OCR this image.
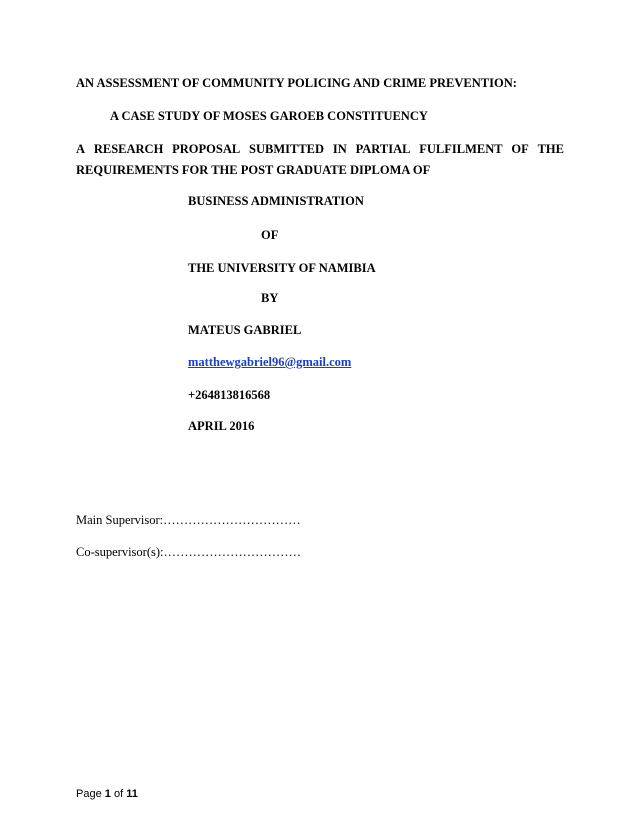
AN ASSESSMENT OF COMMUNITY POLICING AND CRIME PREVENTION:
A CASE STUDY OF MOSES GAROEB CONSTITUENCY
A RESEARCH PROPOSAL SUBMITTED IN PARTIAL FULFILMENT OF THE
REQUIREMENTS FOR THE POST GRADUATE DIPLOMA OF
BUSINESS ADMINISTRATION
OF
THE UNIVERSITY OF NAMIBIA
BY
MATEUS GABRIEL
matthewgabriel96@gmail.com
+264813816568
APRIL 2016
Main Supervisor:……………………………
Co-supervisor(s):……………………………
Page 1 of 11
